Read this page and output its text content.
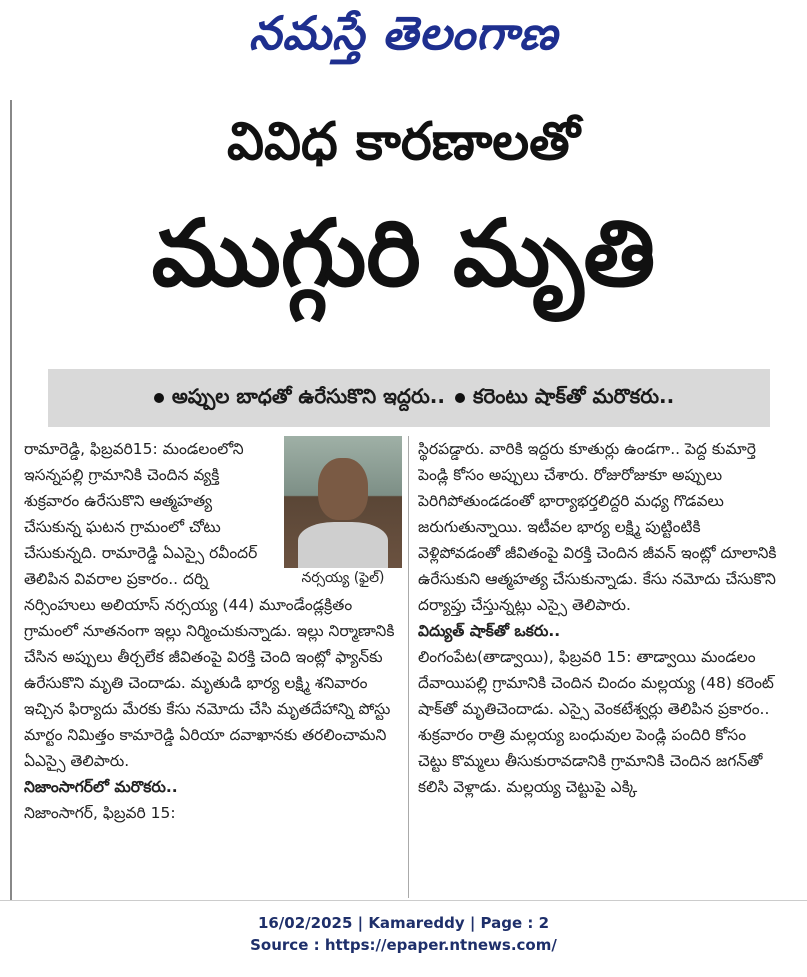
నమస్తే తెలంగాణ
వివిధ కారణాలతో
ముగ్గురి మృతి
అప్పుల బాధతో ఉరేసుకొని ఇద్దరు.. కరెంటు షాక్‌తో మరొకరు..
నర్సయ్య (ఫైల్)

రామారెడ్డి, ఫిబ్రవరి15: మండలంలోని ఇసన్నపల్లి గ్రామానికి చెందిన వ్యక్తి శుక్రవారం ఉరేసుకొని ఆత్మహత్య చేసుకున్న ఘటన గ్రామంలో చోటు చేసుకున్నది. రామారెడ్డి ఏఎస్సై రవీందర్ తెలిపిన వివరాల ప్రకారం.. దర్ని నర్సింహులు అలియాస్ నర్సయ్య (44) మూండేండ్లక్రితం గ్రామంలో నూతనంగా ఇల్లు నిర్మించుకున్నాడు. ఇల్లు నిర్మాణానికి చేసిన అప్పులు తీర్చలేక జీవితంపై విరక్తి చెంది ఇంట్లో ఫ్యాన్‌కు ఉరేసుకొని మృతి చెందాడు. మృతుడి భార్య లక్ష్మి శనివారం ఇచ్చిన ఫిర్యాదు మేరకు కేసు నమోదు చేసి మృతదేహాన్ని పోస్టు మార్టం నిమిత్తం కామారెడ్డి ఏరియా దవాఖానకు తరలించామని ఏఎస్సై తెలిపారు.

నిజాంసాగర్‌లో మరొకరు..

నిజాంసాగర్, ఫిబ్రవరి 15:

స్థిరపడ్డారు. వారికి ఇద్దరు కూతుర్లు ఉండగా.. పెద్ద కుమార్తె పెండ్లి కోసం అప్పులు చేశారు. రోజురోజుకూ అప్పులు పెరిగిపోతుండడంతో భార్యాభర్తలిద్దరి మధ్య గొడవలు జరుగుతున్నాయి. ఇటీవల భార్య లక్ష్మి పుట్టింటికి వెళ్లిపోవడంతో జీవితంపై విరక్తి చెందిన జీవన్ ఇంట్లో దూలానికి ఉరేసుకుని ఆత్మహత్య చేసుకున్నాడు. కేసు నమోదు చేసుకొని దర్యాప్తు చేస్తున్నట్లు ఎస్సై తెలిపారు.

విద్యుత్ షాక్‌తో ఒకరు..

లింగంపేట(తాడ్వాయి), ఫిబ్రవరి 15: తాడ్వాయి మండలం దేవాయిపల్లి గ్రామానికి చెందిన చిందం మల్లయ్య (48) కరెంట్ షాక్‌తో మృతిచెందాడు. ఎస్సై వెంకటేశ్వర్లు తెలిపిన ప్రకారం.. శుక్రవారం రాత్రి మల్లయ్య బంధువుల పెండ్లి పందిరి కోసం చెట్టు కొమ్మలు తీసుకురావడానికి గ్రామానికి చెందిన జగన్‌తో కలిసి వెళ్లాడు. మల్లయ్య చెట్టుపై ఎక్కి

16/02/2025 | Kamareddy | Page : 2
Source : https://epaper.ntnews.com/
